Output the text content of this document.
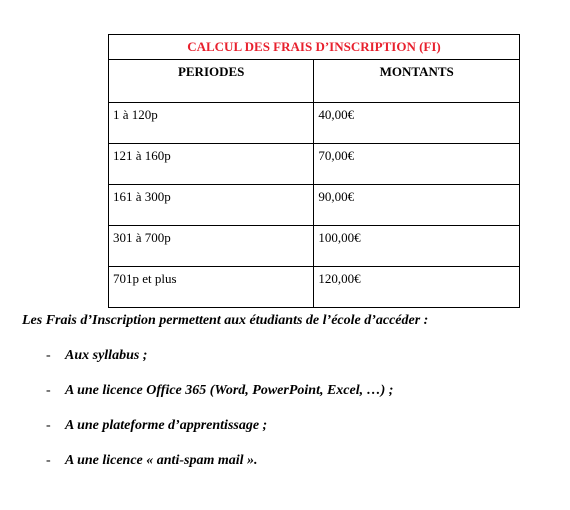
CALCUL DES FRAIS D’INSCRIPTION (FI)	
PERIODES	MONTANTS
1 à 120p	40,00€
121 à 160p	70,00€
161 à 300p	90,00€
301 à 700p	100,00€
701p et plus	120,00€

Les Frais d’Inscription permettent aux étudiants de l’école d’accéder :

- Aux syllabus ;
- A une licence Office 365 (Word, PowerPoint, Excel, …) ;
- A une plateforme d’apprentissage ;
- A une licence « anti-spam mail ».
